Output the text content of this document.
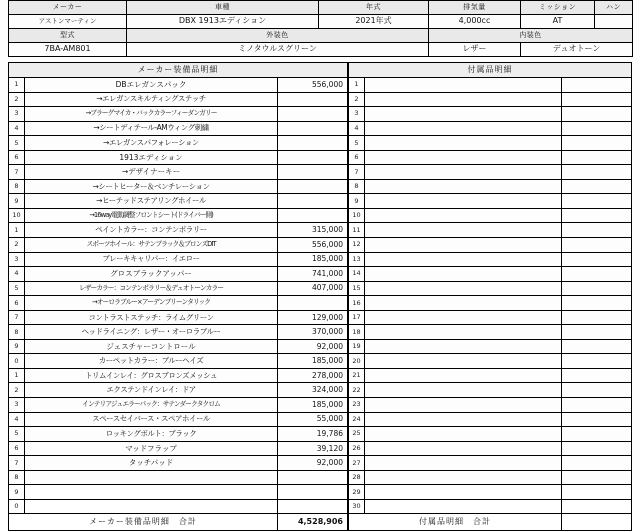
メーカー	車種	年式	排気量	ミッション	ハン
アストンマーティン	DBX 1913エディション	2021年式	4,000cc	AT	
型式	外装色		内装色		
7BA-AM801	ミノタウルスグリーン		レザー	デュオトーン	
メーカー装備品明細		
1	DBエレガンスパック	556,000
2	→エレガンスキルティングステッチ	
3	→ブラーグマイカ・バックカラーフィーダンガリー	
4	→シートディテール-AMウィング刺繍	
5	→エレガンスパフォレーション	
6	1913エディション	
7	→デザイナーキー	
8	→シートヒーター＆ベンチレーション	
9	→ヒーテッドステアリングホイール	
10	→16way電動調整フロントシート(ドライバー側)	
1	ペイントカラー：コンテンポラリー	315,000
2	スポーツホイール：サテンブラック＆ブロンズDIT	556,000
3	ブレーキキャリパー：イエロー	185,000
4	グロスブラックアッパー	741,000
5	レザーカラー：コンテンポラリー＆デュオトーンカラー	407,000
6	→オーロラブルー×アーデンブリーンタリック	
7	コントラストステッチ：ライムグリーン	129,000
8	ヘッドライニング：レザー・オーロラブルー	370,000
9	ジェスチャーコントロール	92,000
0	カーペットカラー：ブルーヘイズ	185,000
1	トリムインレイ：グロスブロンズメッシュ	278,000
2	エクステンドインレイ：ドア	324,000
3	インテリアジュエラーパック：サテンダークタクロム	185,000
4	スペースセイバース・スペアホイール	55,000
5	ロッキングボルト：ブラック	19,786
6	マッドフラップ	39,120
7	タッチパッド	92,000
8		
9		
0		
メーカー装備品明細　合計		4,528,906
付属品明細		
1		
2		
3		
4		
5		
6		
7		
8		
9		
10		
11		
12		
13		
14		
15		
16		
17		
18		
19		
20		
21		
22		
23		
24		
25		
26		
27		
28		
29		
30		
付属品明細　合計		
